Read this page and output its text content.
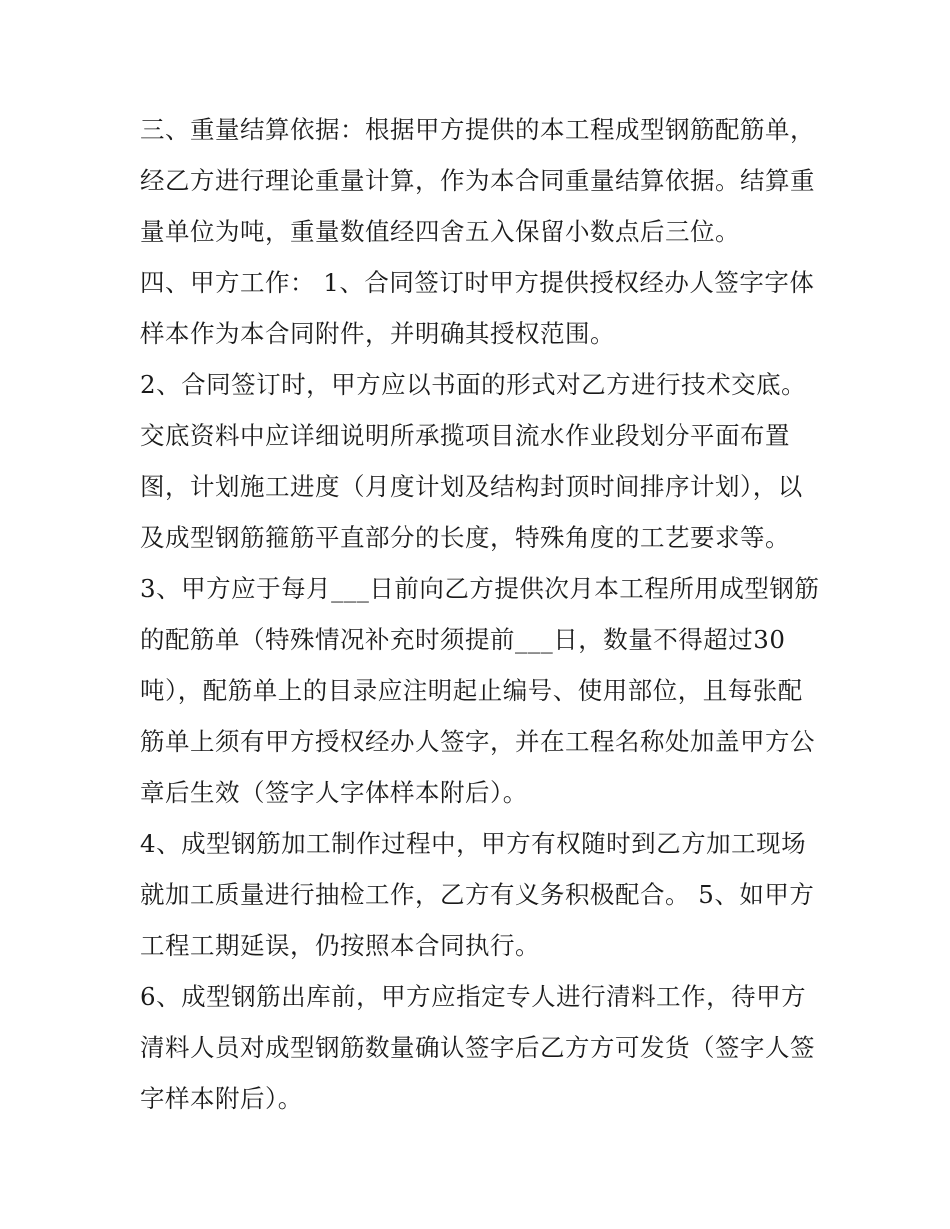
三、重量结算依据：根据甲方提供的本工程成型钢筋配筋单，
经乙方进行理论重量计算，作为本合同重量结算依据。结算重
量单位为吨，重量数值经四舍五入保留小数点后三位。
四、甲方工作： 1、合同签订时甲方提供授权经办人签字字体
样本作为本合同附件，并明确其授权范围。
2、合同签订时，甲方应以书面的形式对乙方进行技术交底。
交底资料中应详细说明所承揽项目流水作业段划分平面布置
图，计划施工进度（月度计划及结构封顶时间排序计划），以
及成型钢筋箍筋平直部分的长度，特殊角度的工艺要求等。
3、甲方应于每月___日前向乙方提供次月本工程所用成型钢筋
的配筋单（特殊情况补充时须提前___日，数量不得超过30
吨），配筋单上的目录应注明起止编号、使用部位，且每张配
筋单上须有甲方授权经办人签字，并在工程名称处加盖甲方公
章后生效（签字人字体样本附后）。
4、成型钢筋加工制作过程中，甲方有权随时到乙方加工现场
就加工质量进行抽检工作，乙方有义务积极配合。 5、如甲方
工程工期延误，仍按照本合同执行。
6、成型钢筋出库前，甲方应指定专人进行清料工作，待甲方
清料人员对成型钢筋数量确认签字后乙方方可发货（签字人签
字样本附后）。
